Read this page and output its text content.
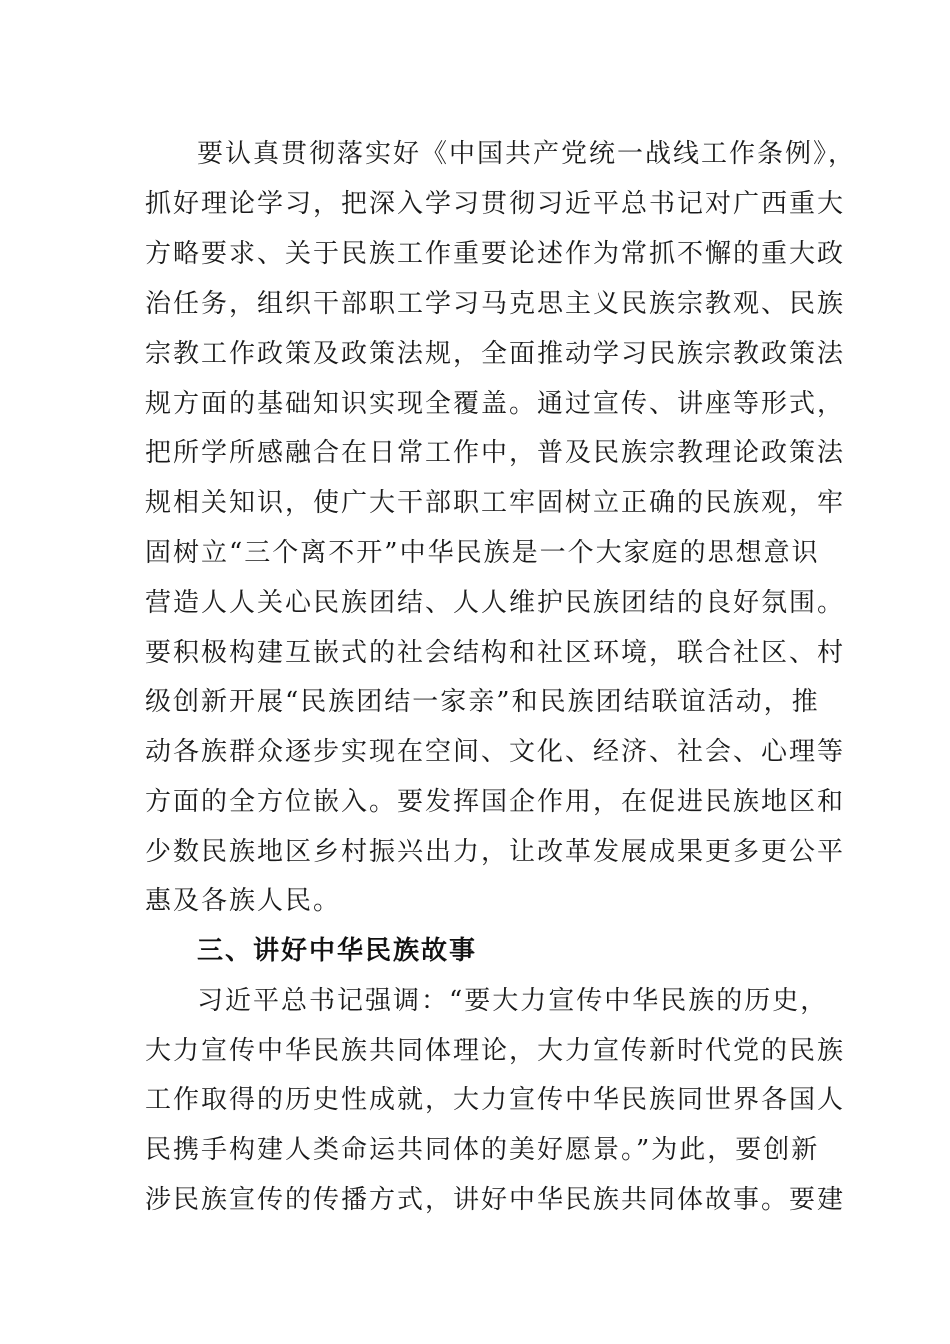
要认真贯彻落实好《中国共产党统一战线工作条例》，
抓好理论学习，把深入学习贯彻习近平总书记对广西重大
方略要求、关于民族工作重要论述作为常抓不懈的重大政
治任务，组织干部职工学习马克思主义民族宗教观、民族
宗教工作政策及政策法规，全面推动学习民族宗教政策法
规方面的基础知识实现全覆盖。通过宣传、讲座等形式，
把所学所感融合在日常工作中，普及民族宗教理论政策法
规相关知识，使广大干部职工牢固树立正确的民族观，牢
固树立“三个离不开”中华民族是一个大家庭的思想意识
营造人人关心民族团结、人人维护民族团结的良好氛围。
要积极构建互嵌式的社会结构和社区环境，联合社区、村
级创新开展“民族团结一家亲”和民族团结联谊活动，推
动各族群众逐步实现在空间、文化、经济、社会、心理等
方面的全方位嵌入。要发挥国企作用，在促进民族地区和
少数民族地区乡村振兴出力，让改革发展成果更多更公平
惠及各族人民。
三、讲好中华民族故事
习近平总书记强调：“要大力宣传中华民族的历史，
大力宣传中华民族共同体理论，大力宣传新时代党的民族
工作取得的历史性成就，大力宣传中华民族同世界各国人
民携手构建人类命运共同体的美好愿景。”为此，要创新
涉民族宣传的传播方式，讲好中华民族共同体故事。要建
